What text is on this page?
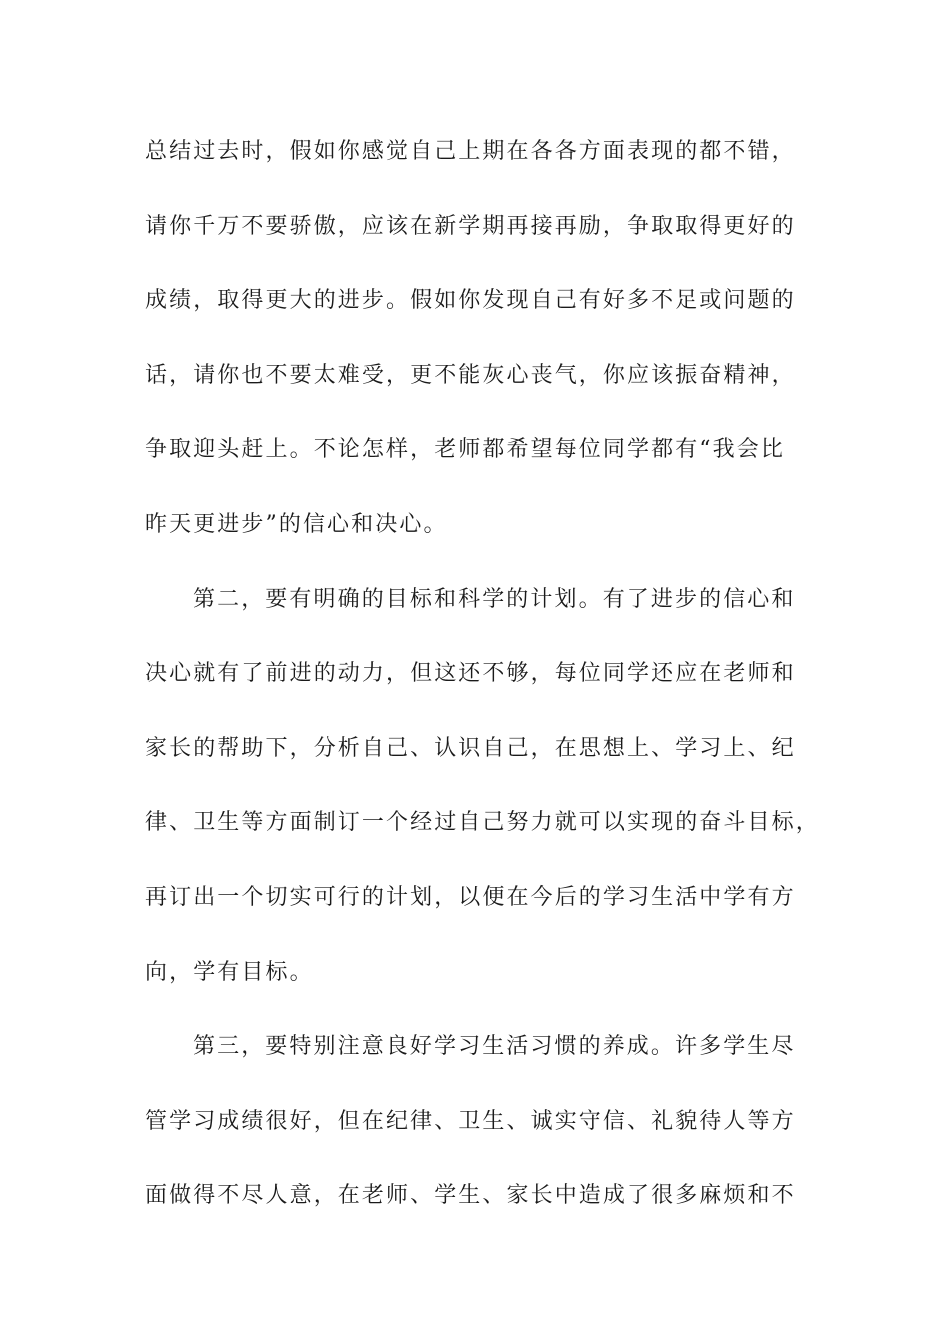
总结过去时，假如你感觉自己上期在各各方面表现的都不错，
请你千万不要骄傲，应该在新学期再接再励，争取取得更好的
成绩，取得更大的进步。假如你发现自己有好多不足或问题的
话，请你也不要太难受，更不能灰心丧气，你应该振奋精神，
争取迎头赶上。不论怎样，老师都希望每位同学都有“我会比
昨天更进步”的信心和决心。
第二，要有明确的目标和科学的计划。有了进步的信心和
决心就有了前进的动力，但这还不够，每位同学还应在老师和
家长的帮助下，分析自己、认识自己，在思想上、学习上、纪
律、卫生等方面制订一个经过自己努力就可以实现的奋斗目标，
再订出一个切实可行的计划，以便在今后的学习生活中学有方
向，学有目标。
第三，要特别注意良好学习生活习惯的养成。许多学生尽
管学习成绩很好，但在纪律、卫生、诚实守信、礼貌待人等方
面做得不尽人意，在老师、学生、家长中造成了很多麻烦和不
